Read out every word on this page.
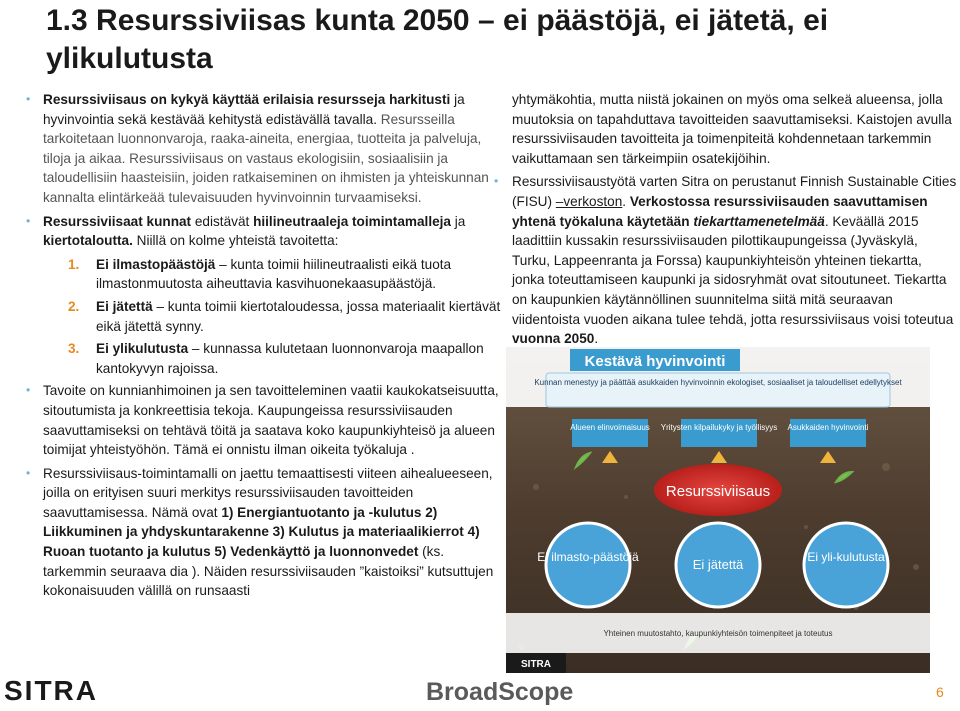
1.3 Resurssiviisas kunta 2050 – ei päästöjä, ei jätetä, ei ylikulutusta
• Resurssiviisaus on kykyä käyttää erilaisia resursseja harkitusti ja hyvinvointia sekä kestävää kehitystä edistävällä tavalla. Resursseilla tarkoitetaan luonnonvaroja, raaka-aineita, energiaa, tuotteita ja palveluja, tiloja ja aikaa. Resurssiviisaus on vastaus ekologisiin, sosiaalisiin ja taloudellisiin haasteisiin, joiden ratkaiseminen on ihmisten ja yhteiskunnan kannalta elintärkeää tulevaisuuden hyvinvoinnin turvaamiseksi.
• Resurssiviisaat kunnat edistävät hiilineutraaleja toimintamalleja ja kiertotaloutta. Niillä on kolme yhteistä tavoitetta:
1. Ei ilmastopäästöjä – kunta toimii hiilineutraalisti eikä tuota ilmastonmuutosta aiheuttavia kasvihuonekaasupäästöjä.
2. Ei jätettä – kunta toimii kiertotaloudessa, jossa materiaalit kiertävät eikä jätettä synny.
3. Ei ylikulutusta – kunnassa kulutetaan luonnonvaroja maapallon kantokyvyn rajoissa.
• Tavoite on kunnianhimoinen ja sen tavoitteleminen vaatii kaukokatseisuutta, sitoutumista ja konkreettisia tekoja. Kaupungeissa resurssiviisauden saavuttamiseksi on tehtävä töitä ja saatava koko kaupunkiyhteisö ja alueen toimijat yhteistyöhön. Tämä ei onnistu ilman oikeita työkaluja .
• Resurssiviisaus-toimintamalli on jaettu temaattisesti viiteen aihealueeseen, joilla on erityisen suuri merkitys resurssiviisauden tavoitteiden saavuttamisessa. Nämä ovat 1) Energiantuotanto ja -kulutus 2) Liikkuminen ja yhdyskuntarakenne 3) Kulutus ja materiaalikierrot 4) Ruoan tuotanto ja kulutus 5) Vedenkäyttö ja luonnonvedet (ks. tarkemmin seuraava dia ). Näiden resurssiviisauden ”kaistoiksi” kutsuttujen kokonaisuuden välillä on runsaasti
yhtymäkohtia, mutta niistä jokainen on myös oma selkeä alueensa, jolla muutoksia on tapahduttava tavoitteiden saavuttamiseksi. Kaistojen avulla resurssiviisauden tavoitteita ja toimenpiteitä kohdennetaan tarkemmin vaikuttamaan sen tärkeimpiin osatekijöihin.
• Resurssiviisaustyötä varten Sitra on perustanut Finnish Sustainable Cities (FISU) –verkoston. Verkostossa resurssiviisauden saavuttamisen yhtenä työkaluna käytetään tiekarttamenetelmää. Keväällä 2015 laadittiin kussakin resurssiviisauden pilottikaupungeissa (Jyväskylä, Turku, Lappeenranta ja Forssa) kaupunkiyhteisön yhteinen tiekartta, jonka toteuttamiseen kaupunki ja sidosryhmät ovat sitoutuneet. Tiekartta on kaupunkien käytännöllinen suunnitelma siitä mitä seuraavan viidentoista vuoden aikana tulee tehdä, jotta resurssiviisaus voisi toteutua vuonna 2050.
Kestävä hyvinvointi
Kunnan menestyy ja päättää asukkaiden hyvinvoinnin ekologiset, sosiaaliset ja taloudelliset edellytykset
Alueen elinvoimaisuus Yritysten kilpailukyky ja työllisyys Asukkaiden hyvinvointi
Resurssiviisaus
Ei ilmasto-päästöjä	Ei jätettä	Ei yli-kulutusta
Yhteinen muutostahto, kaupunkiyhteisön toimenpiteet ja toteutus
SITRA
SITRA	BroadScope	6
